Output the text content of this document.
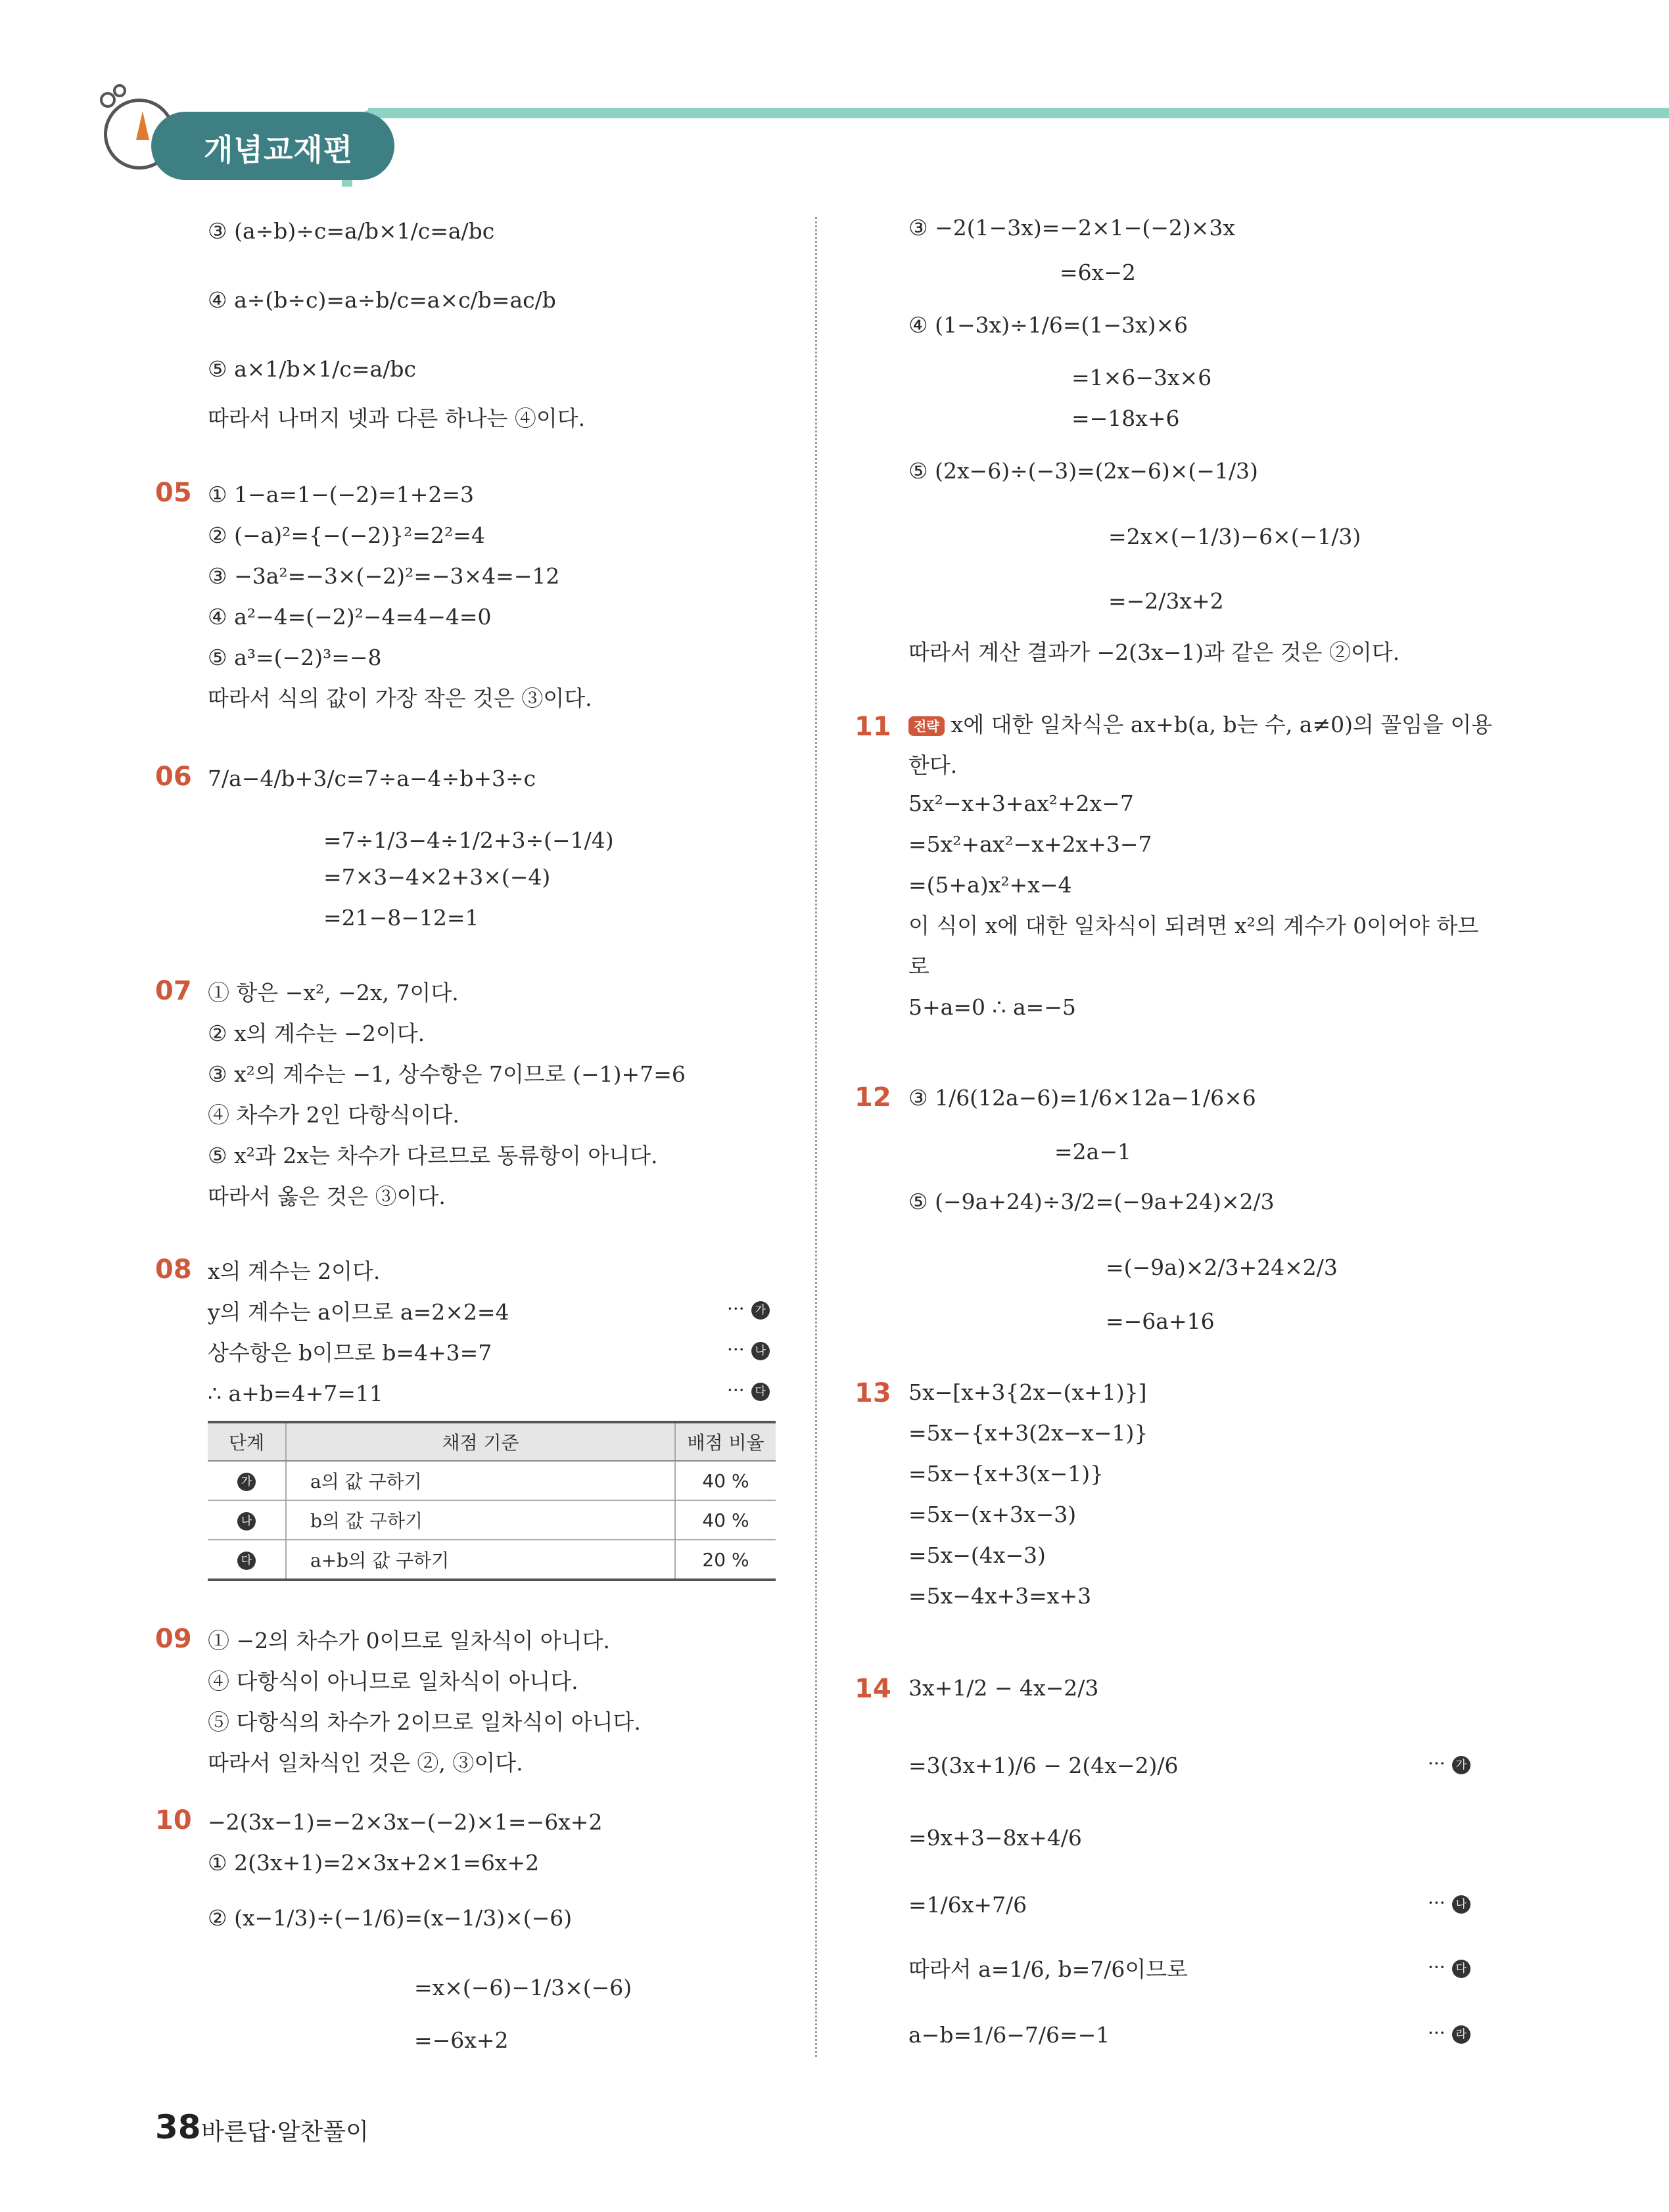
개념교재편
③ (a÷b)÷c=a/b×1/c=a/bc
④ a÷(b÷c)=a÷b/c=a×c/b=ac/b
⑤ a×1/b×1/c=a/bc
따라서 나머지 넷과 다른 하나는 ④이다.
① 1−a=1−(−2)=1+2=3
② (−a)²={−(−2)}²=2²=4
③ −3a²=−3×(−2)²=−3×4=−12
④ a²−4=(−2)²−4=4−4=0
⑤ a³=(−2)³=−8
따라서 식의 값이 가장 작은 것은 ③이다.
7/a−4/b+3/c=7÷a−4÷b+3÷c
=7÷1/3−4÷1/2+3÷(−1/4)
=7×3−4×2+3×(−4)
=21−8−12=1
① 항은 −x², −2x, 7이다.
② x의 계수는 −2이다.
③ x²의 계수는 −1, 상수항은 7이므로 (−1)+7=6
④ 차수가 2인 다항식이다.
⑤ x²과 2x는 차수가 다르므로 동류항이 아니다.
따라서 옳은 것은 ③이다.
x의 계수는 2이다.
y의 계수는 a이므로 a=2×2=4
상수항은 b이므로 b=4+3=7
∴ a+b=4+7=11
① −2의 차수가 0이므로 일차식이 아니다.
④ 다항식이 아니므로 일차식이 아니다.
⑤ 다항식의 차수가 2이므로 일차식이 아니다.
따라서 일차식인 것은 ②, ③이다.
−2(3x−1)=−2×3x−(−2)×1=−6x+2
① 2(3x+1)=2×3x+2×1=6x+2
② (x−1/3)÷(−1/6)=(x−1/3)×(−6)
=x×(−6)−1/3×(−6)
=−6x+2
05
06
07
08
09
10
··· 가
··· 나
··· 다
단계	채점 기준	배점 비율
가	a의 값 구하기	40 %
나	b의 값 구하기	40 %
다	a+b의 값 구하기	20 %
③ −2(1−3x)=−2×1−(−2)×3x
=6x−2
④ (1−3x)÷1/6=(1−3x)×6
=1×6−3x×6
=−18x+6
⑤ (2x−6)÷(−3)=(2x−6)×(−1/3)
=2x×(−1/3)−6×(−1/3)
=−2/3x+2
따라서 계산 결과가 −2(3x−1)과 같은 것은 ②이다.
5x²−x+3+ax²+2x−7
=5x²+ax²−x+2x+3−7
=(5+a)x²+x−4
이 식이 x에 대한 일차식이 되려면 x²의 계수가 0이어야 하므
로
5+a=0 ∴ a=−5
③ 1/6(12a−6)=1/6×12a−1/6×6
=2a−1
⑤ (−9a+24)÷3/2=(−9a+24)×2/3
=(−9a)×2/3+24×2/3
=−6a+16
5x−[x+3{2x−(x+1)}]
=5x−{x+3(2x−x−1)}
=5x−{x+3(x−1)}
=5x−(x+3x−3)
=5x−(4x−3)
=5x−4x+3=x+3
3x+1/2 − 4x−2/3
=3(3x+1)/6 − 2(4x−2)/6
=9x+3−8x+4/6
=1/6x+7/6
따라서 a=1/6, b=7/6이므로
a−b=1/6−7/6=−1
11
12
13
14
··· 가
··· 나
··· 다
··· 라
전략 x에 대한 일차식은 ax+b(a, b는 수, a≠0)의 꼴임을 이용
한다.
38 바른답·알찬풀이
